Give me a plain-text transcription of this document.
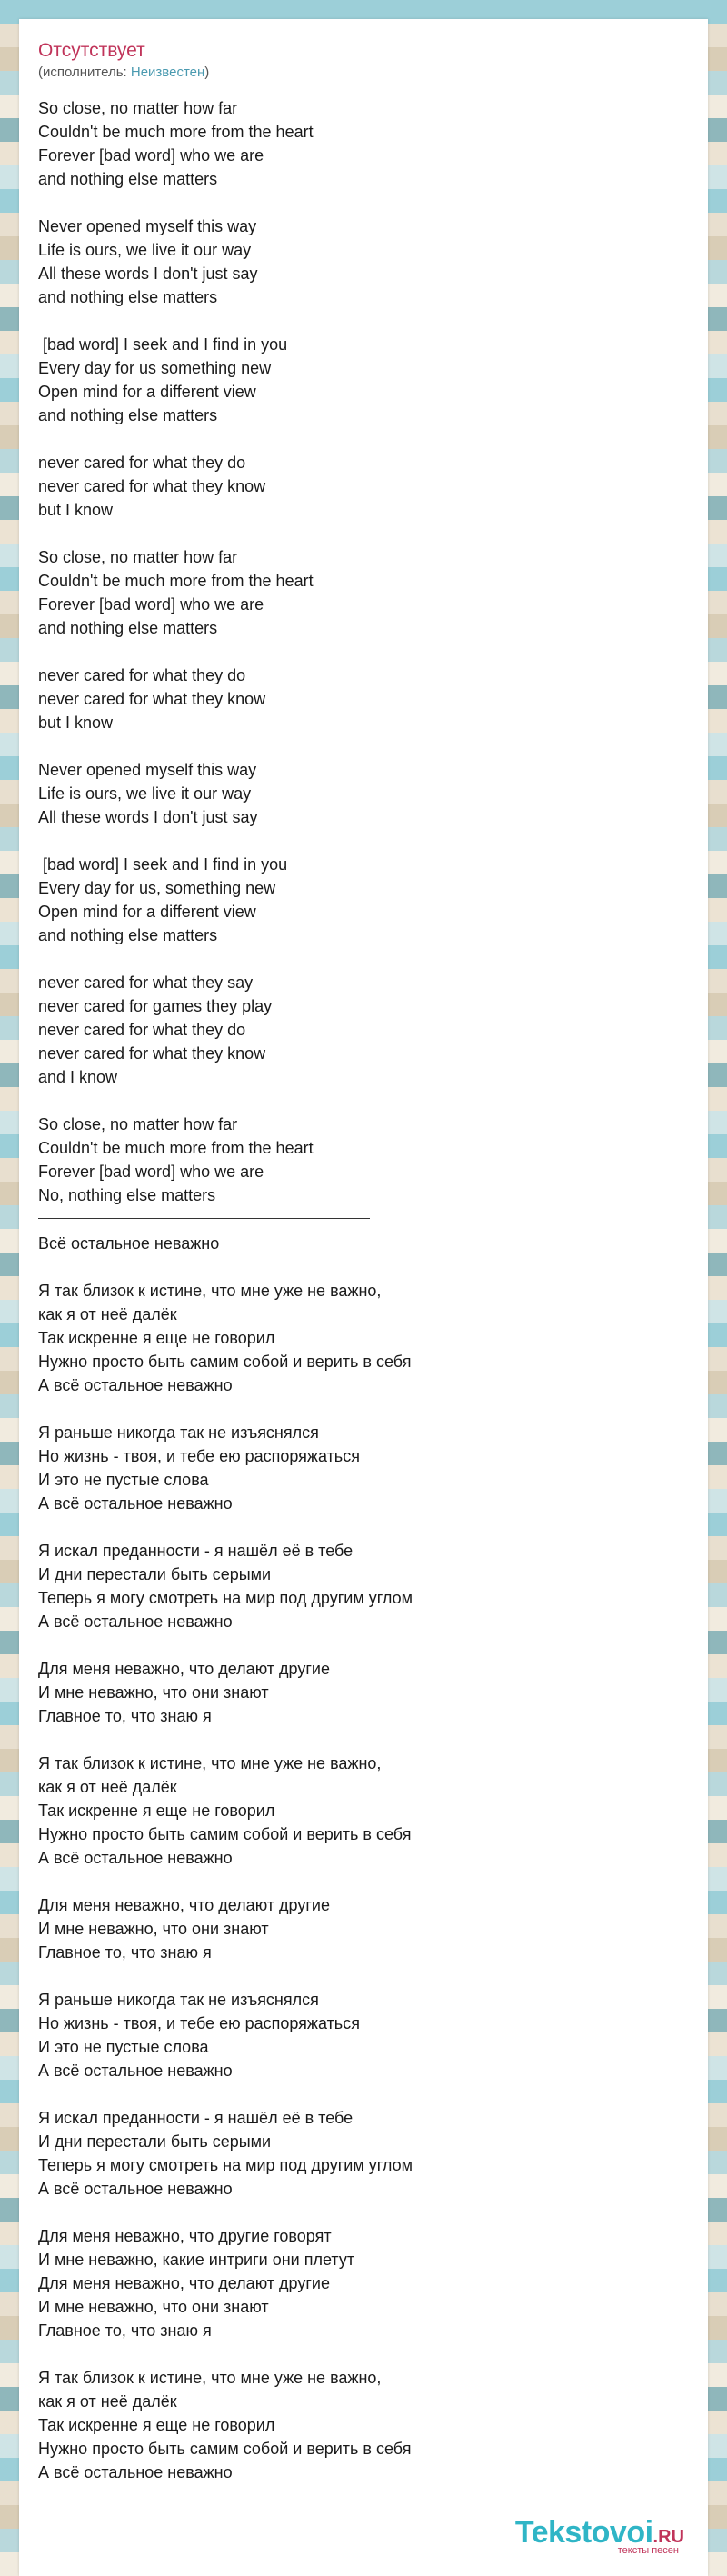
Отсутствует
(исполнитель: Неизвестен)
So close, no matter how far
Couldn't be much more from the heart
Forever [bad word] who we are
and nothing else matters
Never opened myself this way
Life is ours, we live it our way
All these words I don't just say
and nothing else matters
[bad word] I seek and I find in you
Every day for us something new
Open mind for a different view
and nothing else matters
never cared for what they do
never cared for what they know
but I know
So close, no matter how far
Couldn't be much more from the heart
Forever [bad word] who we are
and nothing else matters
never cared for what they do
never cared for what they know
but I know
Never opened myself this way
Life is ours, we live it our way
All these words I don't just say
[bad word] I seek and I find in you
Every day for us, something new
Open mind for a different view
and nothing else matters
never cared for what they say
never cared for games they play
never cared for what they do
never cared for what they know
and I know
So close, no matter how far
Couldn't be much more from the heart
Forever [bad word] who we are
No, nothing else matters
Всё остальное неважно
Я так близок к истине, что мне уже не важно,
как я от неё далёк
Так искренне я еще не говорил
Нужно просто быть самим собой и верить в себя
А всё остальное неважно
Я раньше никогда так не изъяснялся
Но жизнь - твоя, и тебе ею распоряжаться
И это не пустые слова
А всё остальное неважно
Я искал преданности - я нашёл её в тебе
И дни перестали быть серыми
Теперь я могу смотреть на мир под другим углом
А всё остальное неважно
Для меня неважно, что делают другие
И мне неважно, что они знают
Главное то, что знаю я
Я так близок к истине, что мне уже не важно,
как я от неё далёк
Так искренне я еще не говорил
Нужно просто быть самим собой и верить в себя
А всё остальное неважно
Для меня неважно, что делают другие
И мне неважно, что они знают
Главное то, что знаю я
Я раньше никогда так не изъяснялся
Но жизнь - твоя, и тебе ею распоряжаться
И это не пустые слова
А всё остальное неважно
Я искал преданности - я нашёл её в тебе
И дни перестали быть серыми
Теперь я могу смотреть на мир под другим углом
А всё остальное неважно
Для меня неважно, что другие говорят
И мне неважно, какие интриги они плетут
Для меня неважно, что делают другие
И мне неважно, что они знают
Главное то, что знаю я
Я так близок к истине, что мне уже не важно,
как я от неё далёк
Так искренне я еще не говорил
Нужно просто быть самим собой и верить в себя
А всё остальное неважно
Tekstovoi.RU
тексты песен
